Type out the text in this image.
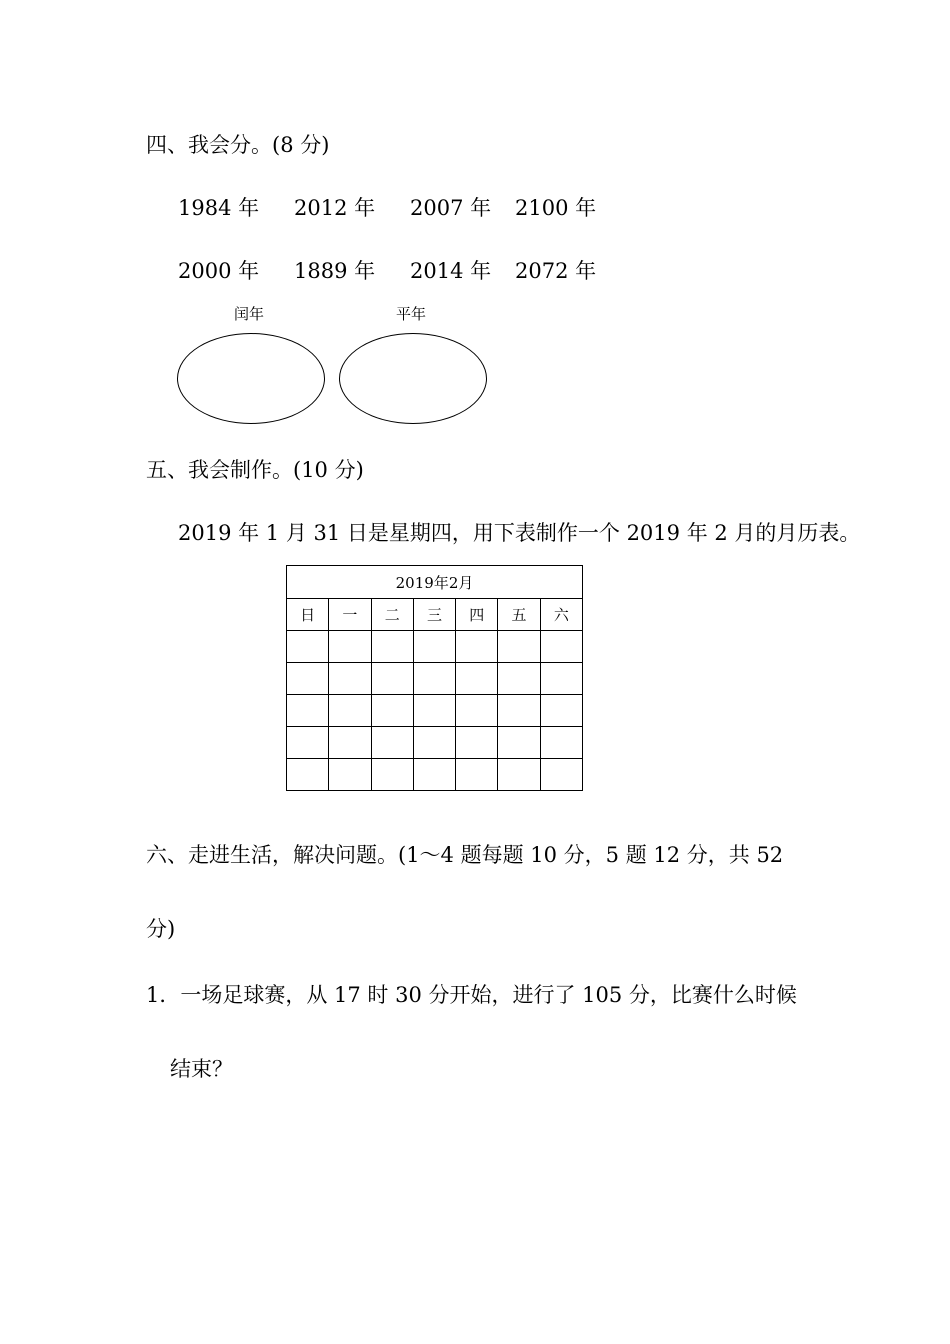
四、我会分。(8 分)
1984 年 2012 年 2007 年 2100 年
2000 年 1889 年 2014 年 2072 年
闰年	平年
五、我会制作。(10 分)
2019 年 1 月 31 日是星期四，用下表制作一个 2019 年 2 月的月历表。
2019年2月						
日	一	二	三	四	五	六

六、走进生活，解决问题。(1～4 题每题 10 分，5 题 12 分，共 52
分)
1．一场足球赛，从 17 时 30 分开始，进行了 105 分，比赛什么时候
结束？
